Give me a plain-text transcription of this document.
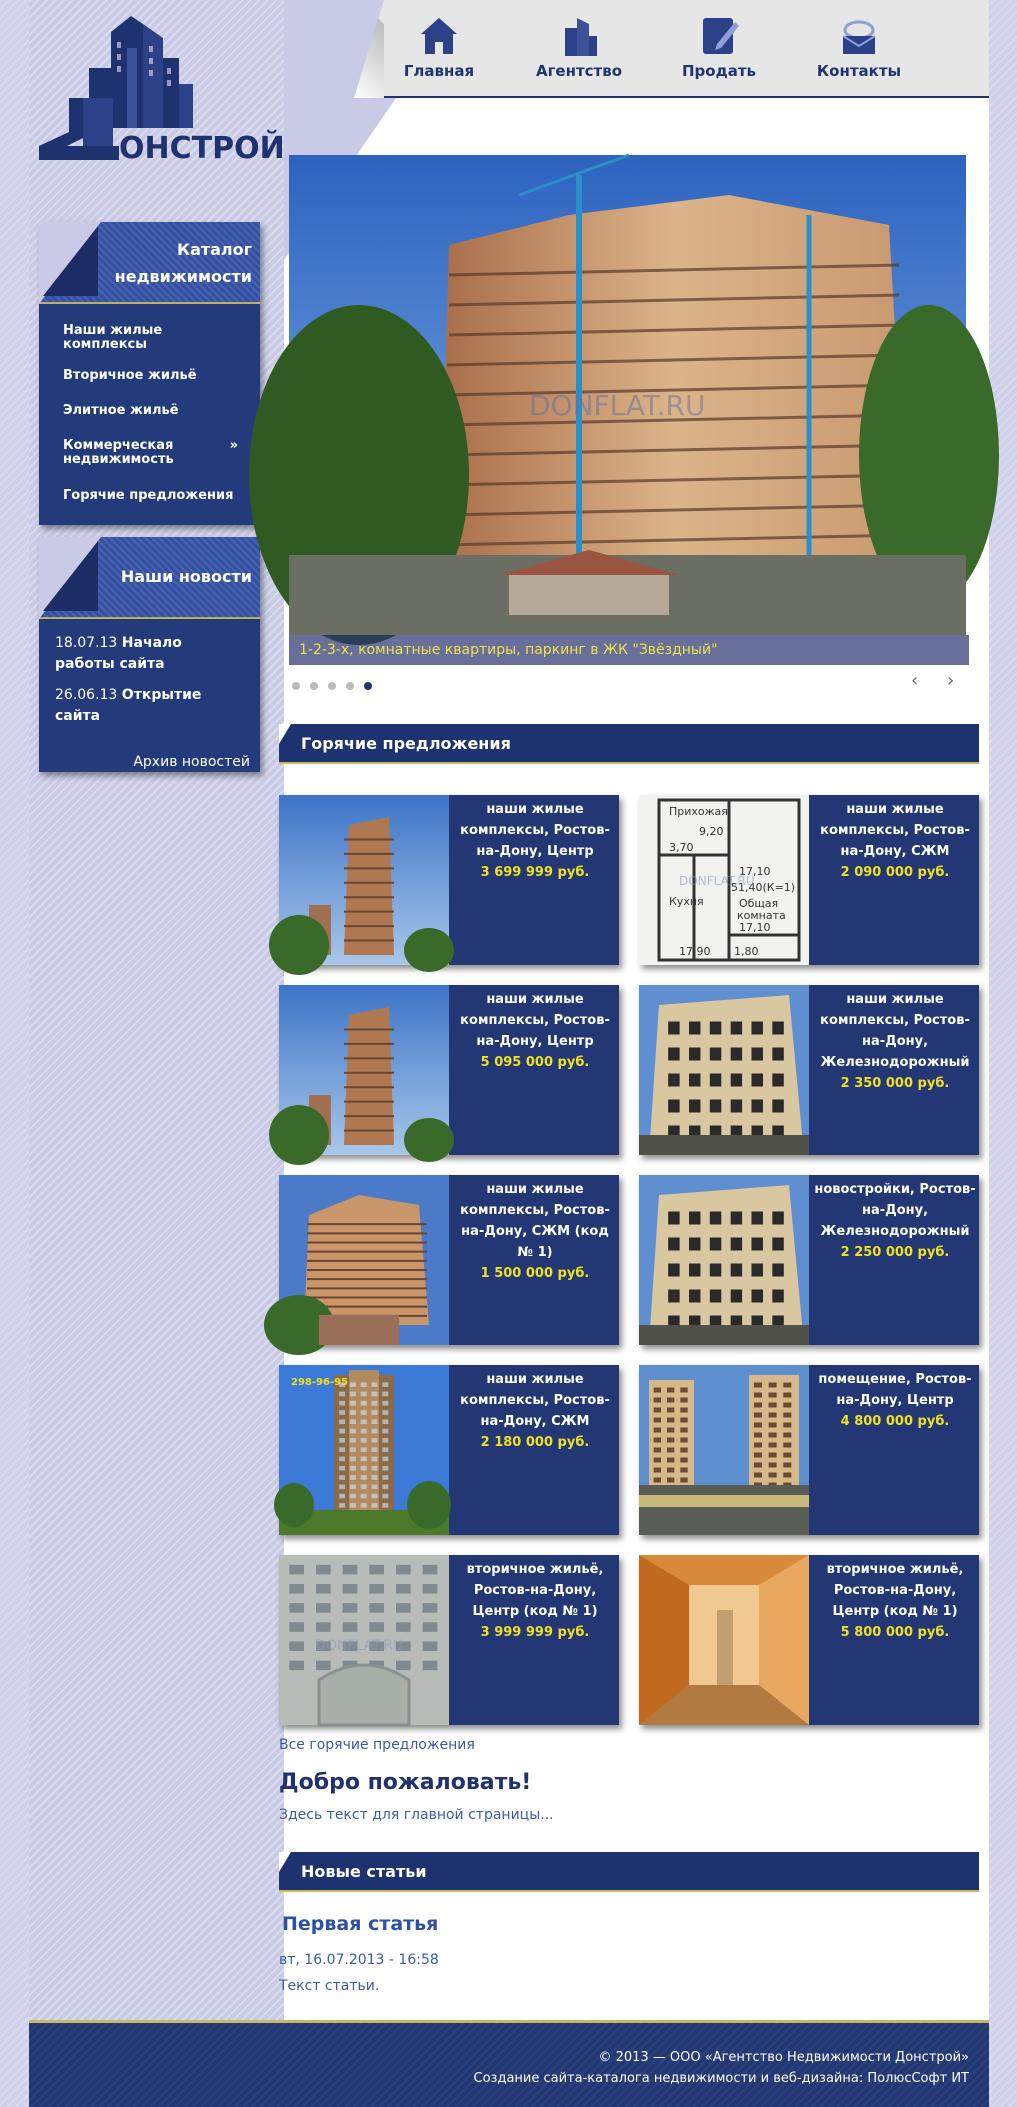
Главная	Агентство	Продать	Контакты
ОНСТРОЙ
Каталог
недвижимости
Наши жилые комплексы
Вторичное жильё
Элитное жильё
Коммерческая недвижимость
»
Горячие предложения
Наши новости
18.07.13 Начало работы сайта
26.06.13 Открытие сайта
Архив новостей
DONFLAT.RU
1-2-3-х, комнатные квартиры, паркинг в ЖК "Звёздный"

‹ ›
Горячие предложения
наши жилые комплексы, Ростов-на-Дону, Центр
3 699 999 руб.
Прихожая
9,20
3,70
Кухня
17,90 1,80
17,10
51,40(К=1)
Общая
комната
17,10
DONFLAT.RU
наши жилые комплексы, Ростов-на-Дону, СЖМ
2 090 000 руб.
наши жилые комплексы, Ростов-на-Дону, Центр
5 095 000 руб.
наши жилые комплексы, Ростов-на-Дону, Железнодорожный
2 350 000 руб.
наши жилые комплексы, Ростов-на-Дону, СЖМ (код № 1)
1 500 000 руб.
новостройки, Ростов-на-Дону, Железнодорожный
2 250 000 руб.
298-96-95	наши жилые комплексы, Ростов-на-Дону, СЖМ
2 180 000 руб.
помещение, Ростов-на-Дону, Центр
4 800 000 руб.
DONFLAT.RU
вторичное жильё, Ростов-на-Дону, Центр (код № 1)
3 999 999 руб.
вторичное жильё, Ростов-на-Дону, Центр (код № 1)
5 800 000 руб.
Все горячие предложения
Добро пожаловать!
Здесь текст для главной страницы...
Новые статьи
Первая статья
вт, 16.07.2013 - 16:58
Текст статьи.
© 2013 — ООО «Агентство Недвижимости Донстрой»
Создание сайта-каталога недвижимости и веб-дизайна: ПолюсСофт ИТ
